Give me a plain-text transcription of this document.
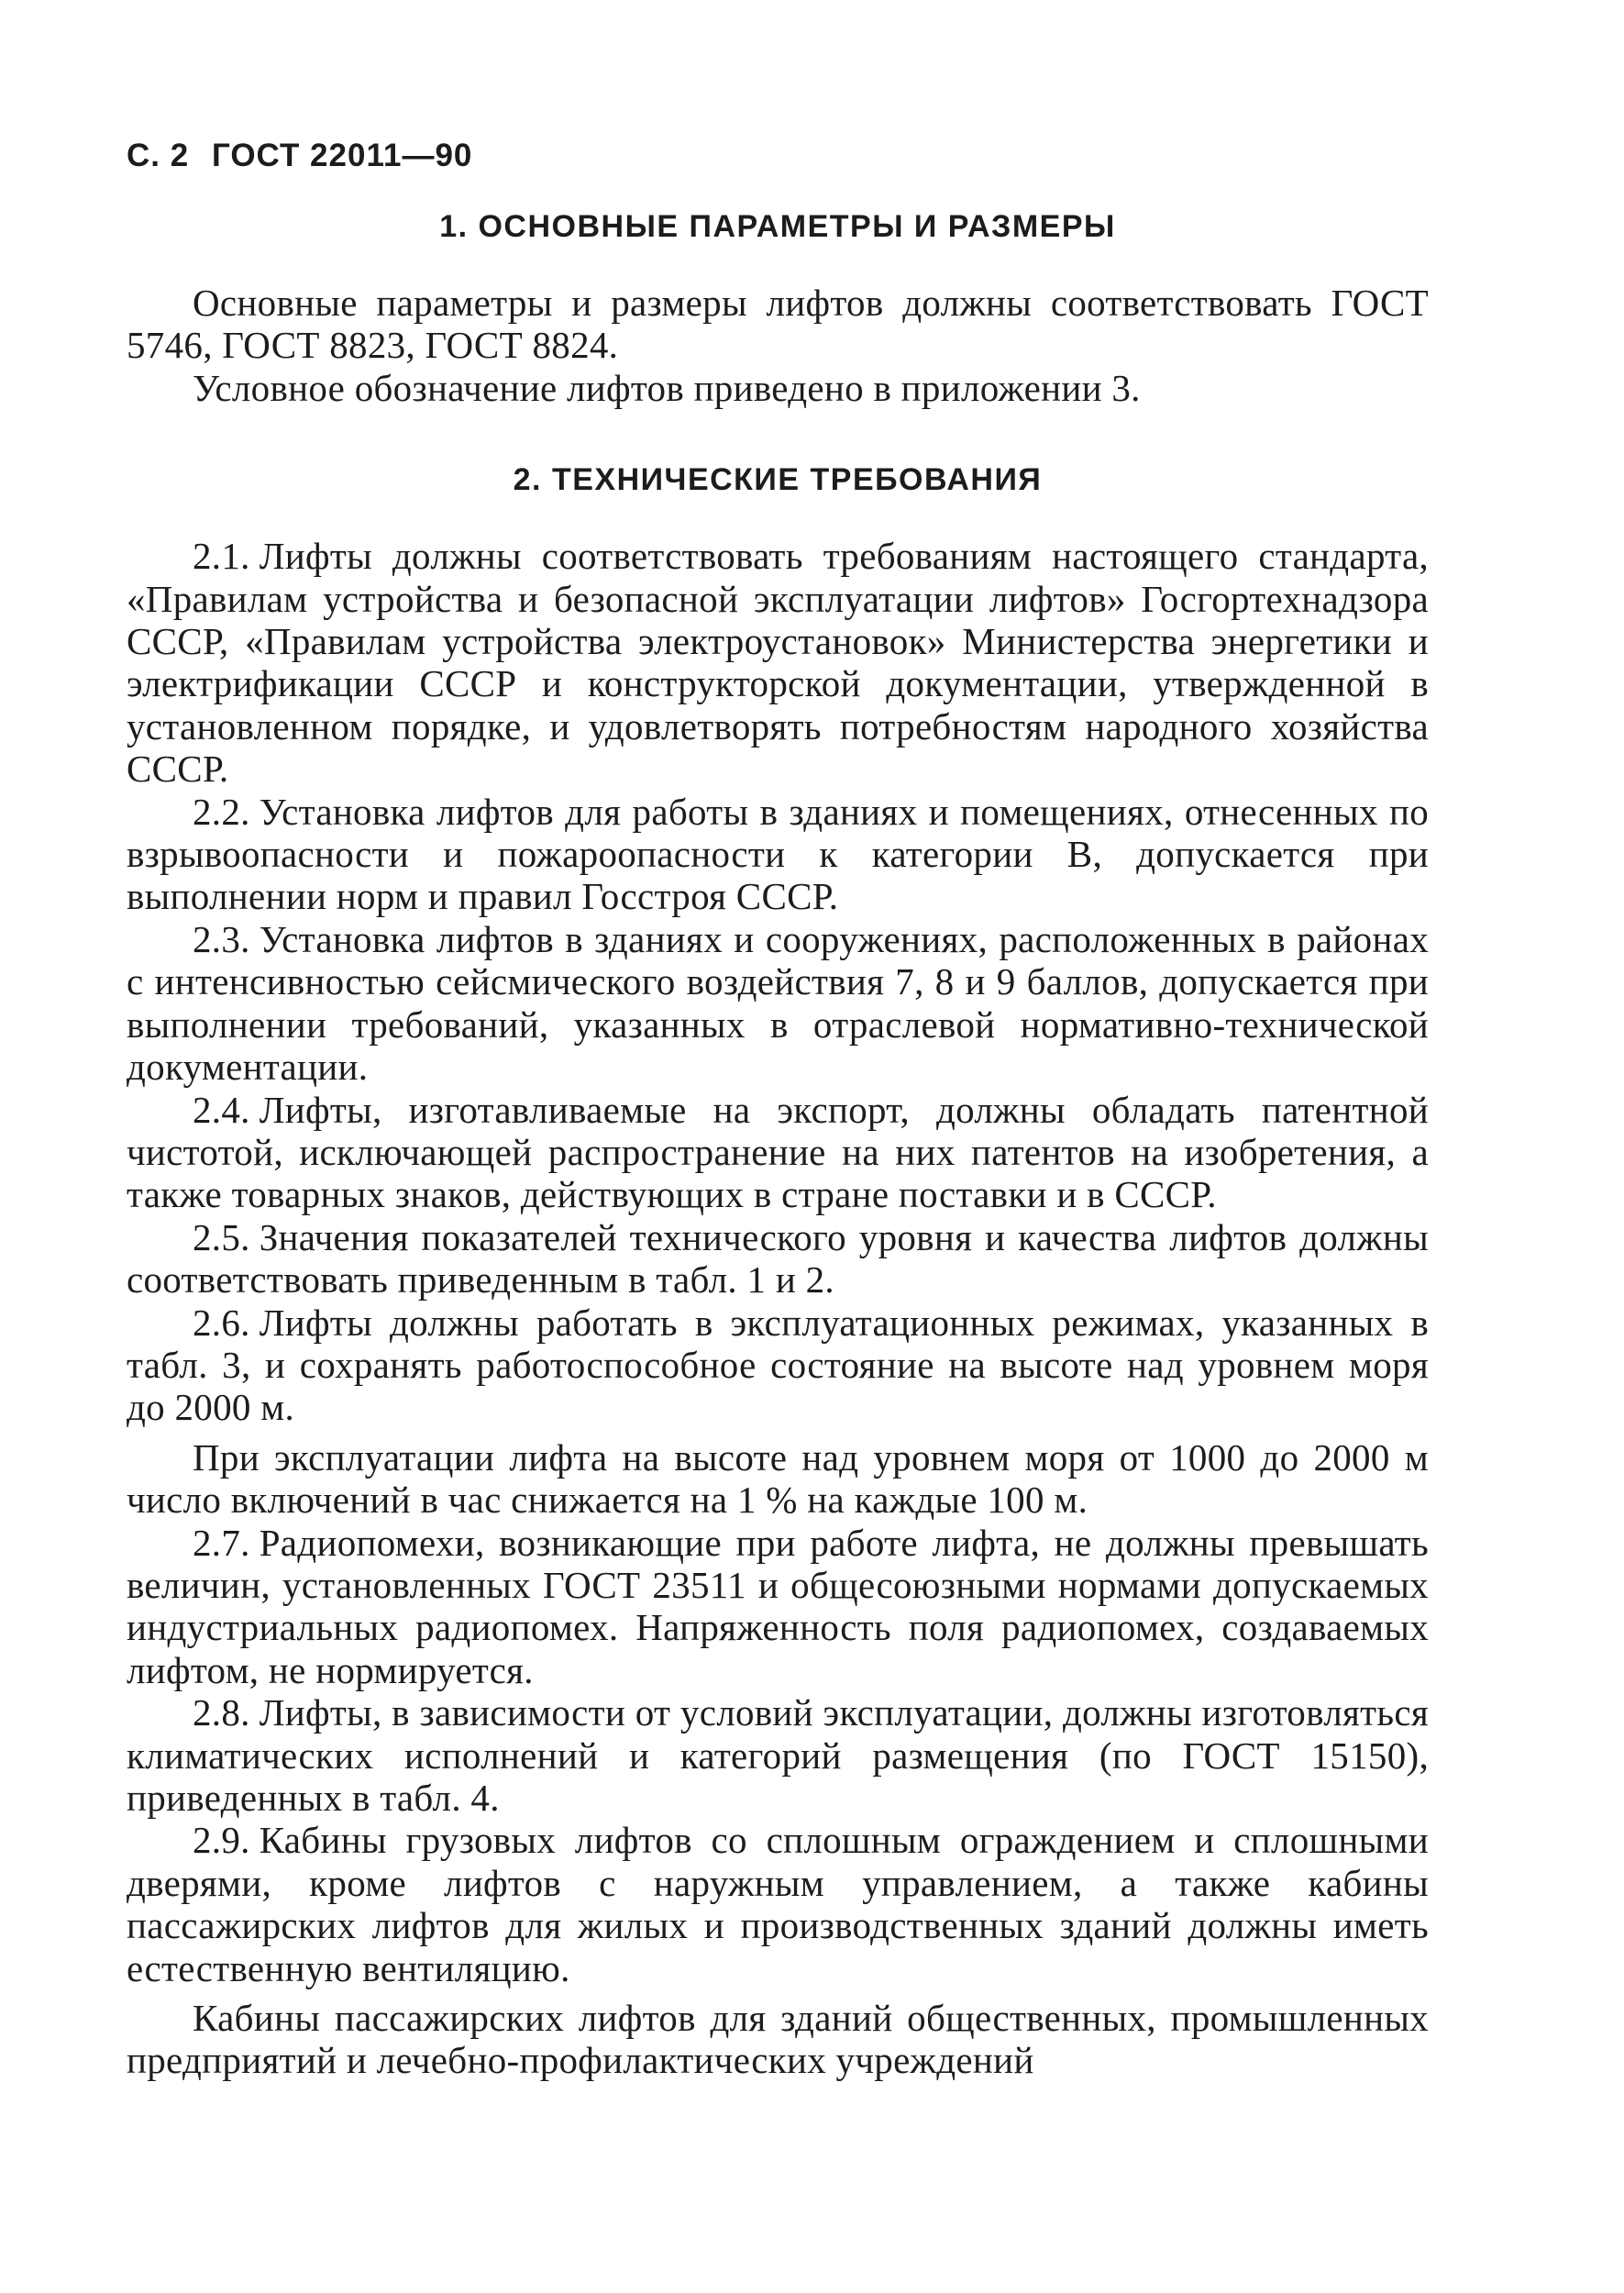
С. 2 ГОСТ 22011—90
1. ОСНОВНЫЕ ПАРАМЕТРЫ И РАЗМЕРЫ

Основные параметры и размеры лифтов должны соответствовать ГОСТ 5746, ГОСТ 8823, ГОСТ 8824.

Условное обозначение лифтов приведено в приложении 3.

2. ТЕХНИЧЕСКИЕ ТРЕБОВАНИЯ

2.1. Лифты должны соответствовать требованиям настоящего стандарта, «Правилам устройства и безопасной эксплуатации лифтов» Госгортехнадзора СССР, «Правилам устройства электроустановок» Министерства энергетики и электрификации СССР и конструкторской документации, утвержденной в установленном порядке, и удовлетворять потребностям народного хозяйства СССР.

2.2. Установка лифтов для работы в зданиях и помещениях, отнесенных по взрывоопасности и пожароопасности к категории В, допускается при выполнении норм и правил Госстроя СССР.

2.3. Установка лифтов в зданиях и сооружениях, расположенных в районах с интенсивностью сейсмического воздействия 7, 8 и 9 баллов, допускается при выполнении требований, указанных в отраслевой нормативно-технической документации.

2.4. Лифты, изготавливаемые на экспорт, должны обладать патентной чистотой, исключающей распространение на них патентов на изобретения, а также товарных знаков, действующих в стране поставки и в СССР.

2.5. Значения показателей технического уровня и качества лифтов должны соответствовать приведенным в табл. 1 и 2.

2.6. Лифты должны работать в эксплуатационных режимах, указанных в табл. 3, и сохранять работоспособное состояние на высоте над уровнем моря до 2000 м.

При эксплуатации лифта на высоте над уровнем моря от 1000 до 2000 м число включений в час снижается на 1 % на каждые 100 м.

2.7. Радиопомехи, возникающие при работе лифта, не должны превышать величин, установленных ГОСТ 23511 и общесоюзными нормами допускаемых индустриальных радиопомех. Напряженность поля радиопомех, создаваемых лифтом, не нормируется.

2.8. Лифты, в зависимости от условий эксплуатации, должны изготовляться климатических исполнений и категорий размещения (по ГОСТ 15150), приведенных в табл. 4.

2.9. Кабины грузовых лифтов со сплошным ограждением и сплошными дверями, кроме лифтов с наружным управлением, а также кабины пассажирских лифтов для жилых и производственных зданий должны иметь естественную вентиляцию.

Кабины пассажирских лифтов для зданий общественных, промышленных предприятий и лечебно-профилактических учреждений
